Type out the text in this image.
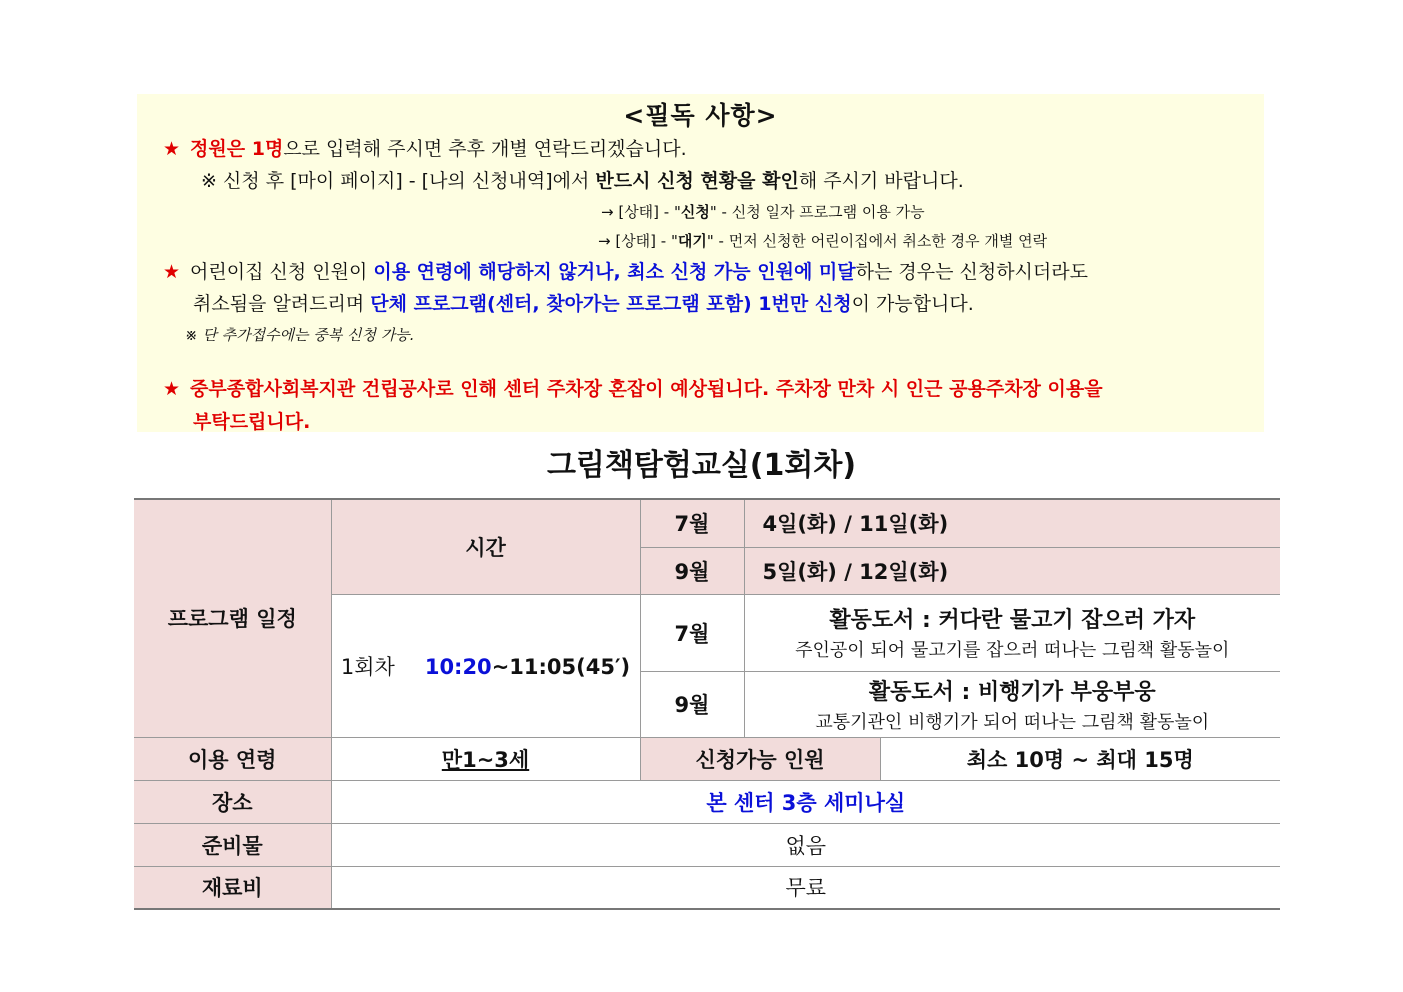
<필독 사항>
★ 정원은 1명으로 입력해 주시면 추후 개별 연락드리겠습니다.
※ 신청 후 [마이 페이지] - [나의 신청내역]에서 반드시 신청 현황을 확인해 주시기 바랍니다.
→ [상태] - "신청" - 신청 일자 프로그램 이용 가능
→ [상태] - "대기" - 먼저 신청한 어린이집에서 취소한 경우 개별 연락
★ 어린이집 신청 인원이 이용 연령에 해당하지 않거나, 최소 신청 가능 인원에 미달하는 경우는 신청하시더라도
취소됨을 알려드리며 단체 프로그램(센터, 찾아가는 프로그램 포함) 1번만 신청이 가능합니다.
※ 단 추가접수에는 중복 신청 가능.
★ 중부종합사회복지관 건립공사로 인해 센터 주차장 혼잡이 예상됩니다. 주차장 만차 시 인근 공용주차장 이용을
부탁드립니다.
그림책탐험교실(1회차)
프로그램 일정	시간	7월	4일(화) / 11일(화)	
		9월	5일(화) / 12일(화)	
	1회차 10:20~11:05(45′)	7월	활동도서 : 커다란 물고기 잡으러 가자
주인공이 되어 물고기를 잡으러 떠나는 그림책 활동놀이	

		9월	활동도서 : 비행기가 부웅부웅
교통기관인 비행기가 되어 떠나는 그림책 활동놀이	

이용 연령	만1~3세	신청가능 인원		최소 10명 ~ 최대 15명
장소	본 센터 3층 세미나실			
준비물	없음			
재료비	무료			
